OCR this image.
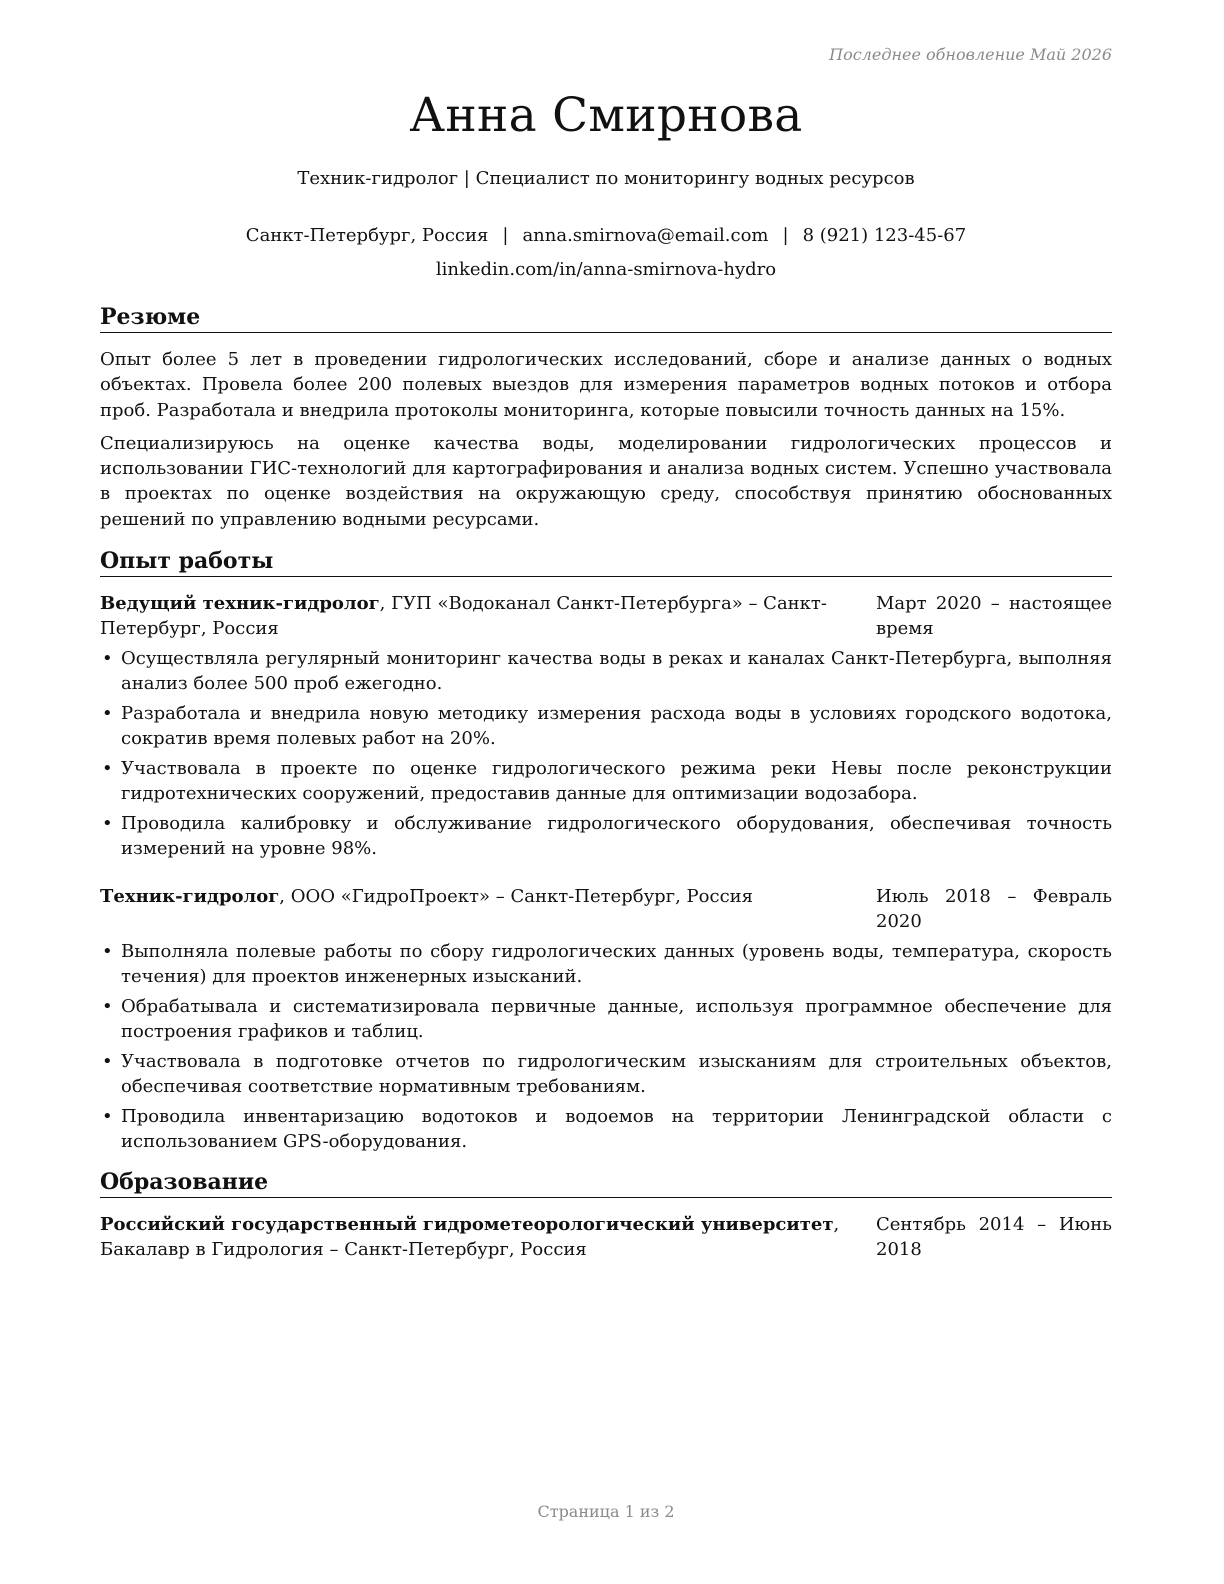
Последнее обновление Май 2026
Анна Смирнова
Техник-гидролог | Специалист по мониторингу водных ресурсов
Санкт-Петербург, Россия | anna.smirnova@email.com | 8 (921) 123-45-67
linkedin.com/in/anna-smirnova-hydro
Резюме

Опыт более 5 лет в проведении гидрологических исследований, сборе и анализе данных о водных объектах. Провела более 200 полевых выездов для измерения параметров водных потоков и отбора проб. Разработала и внедрила протоколы мониторинга, которые повысили точность данных на 15%.

Специализируюсь на оценке качества воды, моделировании гидрологических процессов и использовании ГИС-технологий для картографирования и анализа водных систем. Успешно участвовала в проектах по оценке воздействия на окружающую среду, способствуя принятию обоснованных решений по управлению водными ресурсами.

Опыт работы
Ведущий техник-гидролог, ГУП «Водоканал Санкт-Петербурга» – Санкт-Петербург, Россия
Март 2020 – настоящее время
• Осуществляла регулярный мониторинг качества воды в реках и каналах Санкт-Петербурга, выполняя анализ более 500 проб ежегодно.
• Разработала и внедрила новую методику измерения расхода воды в условиях городского водотока, сократив время полевых работ на 20%.
• Участвовала в проекте по оценке гидрологического режима реки Невы после реконструкции гидротехнических сооружений, предоставив данные для оптимизации водозабора.
• Проводила калибровку и обслуживание гидрологического оборудования, обеспечивая точность измерений на уровне 98%.
Техник-гидролог, ООО «ГидроПроект» – Санкт-Петербург, Россия	Июль 2018 – Февраль 2020
• Выполняла полевые работы по сбору гидрологических данных (уровень воды, температура, скорость течения) для проектов инженерных изысканий.
• Обрабатывала и систематизировала первичные данные, используя программное обеспечение для построения графиков и таблиц.
• Участвовала в подготовке отчетов по гидрологическим изысканиям для строительных объектов, обеспечивая соответствие нормативным требованиям.
• Проводила инвентаризацию водотоков и водоемов на территории Ленинградской области с использованием GPS-оборудования.
Образование
Российский государственный гидрометеорологический университет, Бакалавр в Гидрология – Санкт-Петербург, Россия
Сентябрь 2014 – Июнь 2018
Страница 1 из 2
